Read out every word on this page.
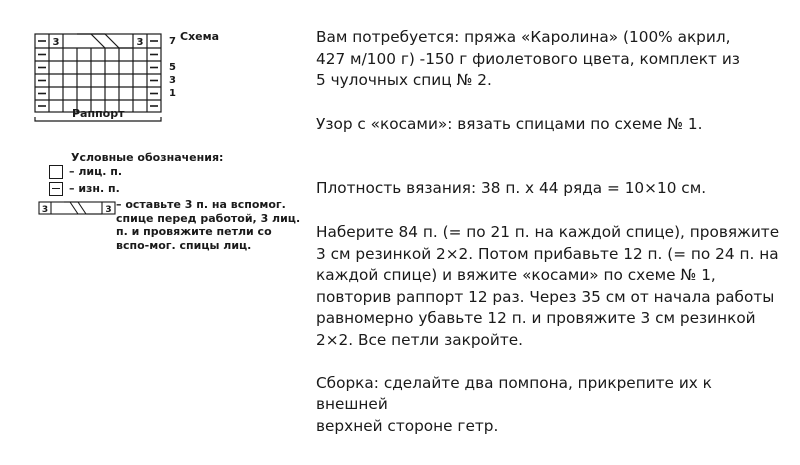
3	3	7
5
3
1
Схема
Раппорт
Условные обозначения:
– лиц. п.
– изн. п.
3	3 – оставьте 3 п. на вспомог. спице перед работой, 3 лиц. п. и провяжите петли со вспо-мог. спицы лиц.

Вам потребуется: пряжа «Каролина» (100% акрил,
427 м/100 г) -150 г фиолетового цвета, комплект из
5 чулочных спиц № 2.

Узор с «косами»: вязать спицами по схеме № 1.

Плотность вязания: 38 п. х 44 ряда = 10×10 см.

Наберите 84 п. (= по 21 п. на каждой спице), провяжите
3 см резинкой 2×2. Потом прибавьте 12 п. (= по 24 п. на
каждой спице) и вяжите «косами» по схеме № 1,
повторив раппорт 12 раз. Через 35 см от начала работы
равномерно убавьте 12 п. и провяжите 3 см резинкой
2×2. Все петли закройте.

Сборка: сделайте два помпона, прикрепите их к внешней
верхней стороне гетр.
